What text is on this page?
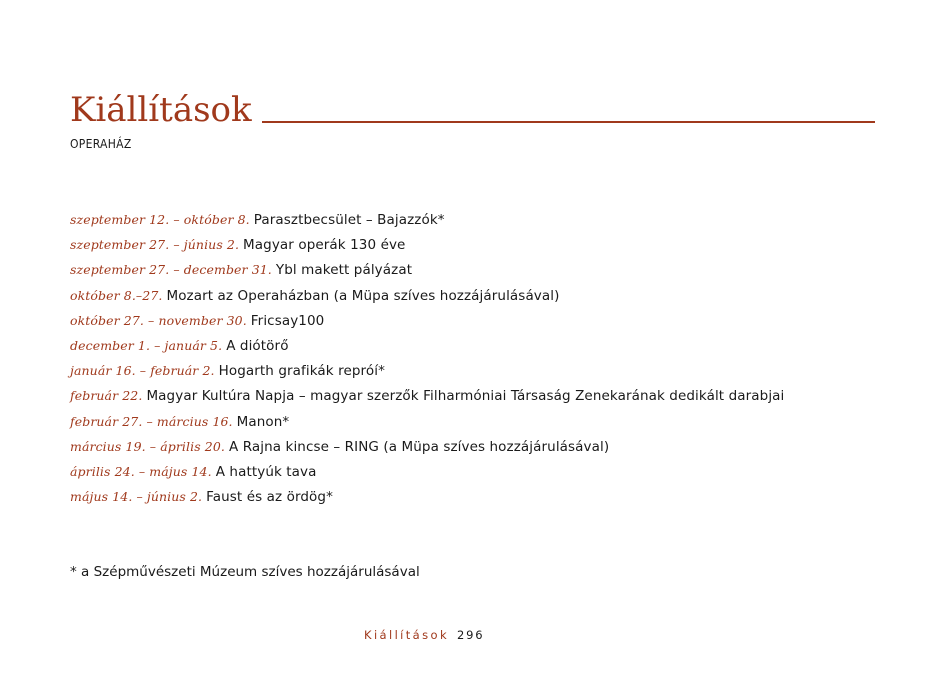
Kiállítások
OPERAHÁZ
szeptember 12. – október 8. Parasztbecsület – Bajazzók*
szeptember 27. – június 2. Magyar operák 130 éve
szeptember 27. – december 31. Ybl makett pályázat
október 8.–27. Mozart az Operaházban (a Müpa szíves hozzájárulásával)
október 27. – november 30. Fricsay100
december 1. – január 5. A diótörő
január 16. – február 2. Hogarth grafikák repróí*
február 22. Magyar Kultúra Napja – magyar szerzők Filharmóniai Társaság Zenekarának dedikált darabjai
február 27. – március 16. Manon*
március 19. – április 20. A Rajna kincse – RING (a Müpa szíves hozzájárulásával)
április 24. – május 14. A hattyúk tava
május 14. – június 2. Faust és az ördög*
* a Szépművészeti Múzeum szíves hozzájárulásával
Kiállítások 296
